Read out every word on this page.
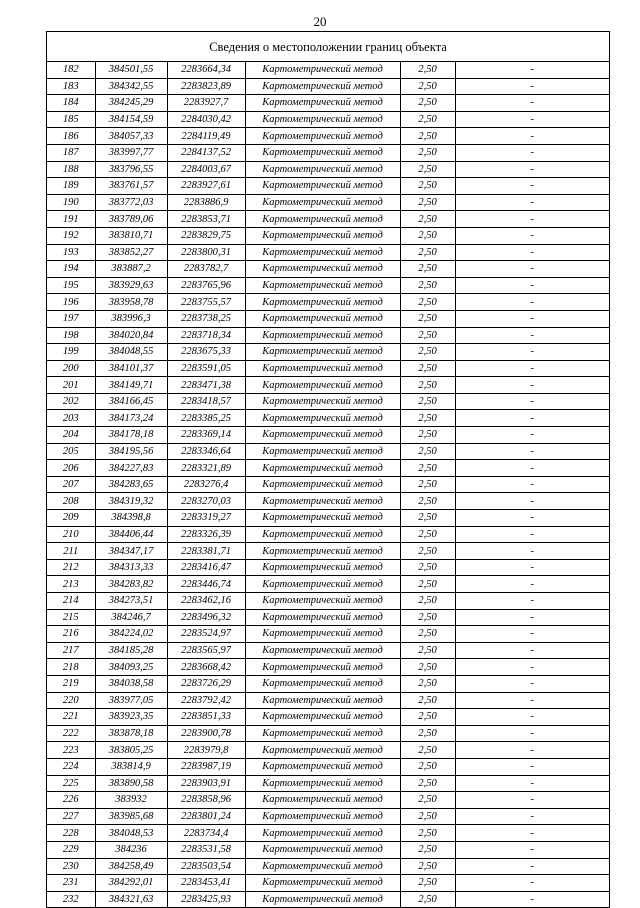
20
Сведения о местоположении границ объекта
182	384501,55	2283664,34	Картометрический метод	2,50	-
183	384342,55	2283823,89	Картометрический метод	2,50	-
184	384245,29	2283927,7	Картометрический метод	2,50	-
185	384154,59	2284030,42	Картометрический метод	2,50	-
186	384057,33	2284119,49	Картометрический метод	2,50	-
187	383997,77	2284137,52	Картометрический метод	2,50	-
188	383796,55	2284003,67	Картометрический метод	2,50	-
189	383761,57	2283927,61	Картометрический метод	2,50	-
190	383772,03	2283886,9	Картометрический метод	2,50	-
191	383789,06	2283853,71	Картометрический метод	2,50	-
192	383810,71	2283829,75	Картометрический метод	2,50	-
193	383852,27	2283800,31	Картометрический метод	2,50	-
194	383887,2	2283782,7	Картометрический метод	2,50	-
195	383929,63	2283765,96	Картометрический метод	2,50	-
196	383958,78	2283755,57	Картометрический метод	2,50	-
197	383996,3	2283738,25	Картометрический метод	2,50	-
198	384020,84	2283718,34	Картометрический метод	2,50	-
199	384048,55	2283675,33	Картометрический метод	2,50	-
200	384101,37	2283591,05	Картометрический метод	2,50	-
201	384149,71	2283471,38	Картометрический метод	2,50	-
202	384166,45	2283418,57	Картометрический метод	2,50	-
203	384173,24	2283385,25	Картометрический метод	2,50	-
204	384178,18	2283369,14	Картометрический метод	2,50	-
205	384195,56	2283346,64	Картометрический метод	2,50	-
206	384227,83	2283321,89	Картометрический метод	2,50	-
207	384283,65	2283276,4	Картометрический метод	2,50	-
208	384319,32	2283270,03	Картометрический метод	2,50	-
209	384398,8	2283319,27	Картометрический метод	2,50	-
210	384406,44	2283326,39	Картометрический метод	2,50	-
211	384347,17	2283381,71	Картометрический метод	2,50	-
212	384313,33	2283416,47	Картометрический метод	2,50	-
213	384283,82	2283446,74	Картометрический метод	2,50	-
214	384273,51	2283462,16	Картометрический метод	2,50	-
215	384246,7	2283496,32	Картометрический метод	2,50	-
216	384224,02	2283524,97	Картометрический метод	2,50	-
217	384185,28	2283565,97	Картометрический метод	2,50	-
218	384093,25	2283668,42	Картометрический метод	2,50	-
219	384038,58	2283726,29	Картометрический метод	2,50	-
220	383977,05	2283792,42	Картометрический метод	2,50	-
221	383923,35	2283851,33	Картометрический метод	2,50	-
222	383878,18	2283900,78	Картометрический метод	2,50	-
223	383805,25	2283979,8	Картометрический метод	2,50	-
224	383814,9	2283987,19	Картометрический метод	2,50	-
225	383890,58	2283903,91	Картометрический метод	2,50	-
226	383932	2283858,96	Картометрический метод	2,50	-
227	383985,68	2283801,24	Картометрический метод	2,50	-
228	384048,53	2283734,4	Картометрический метод	2,50	-
229	384236	2283531,58	Картометрический метод	2,50	-
230	384258,49	2283503,54	Картометрический метод	2,50	-
231	384292,01	2283453,41	Картометрический метод	2,50	-
232	384321,63	2283425,93	Картометрический метод	2,50	-
